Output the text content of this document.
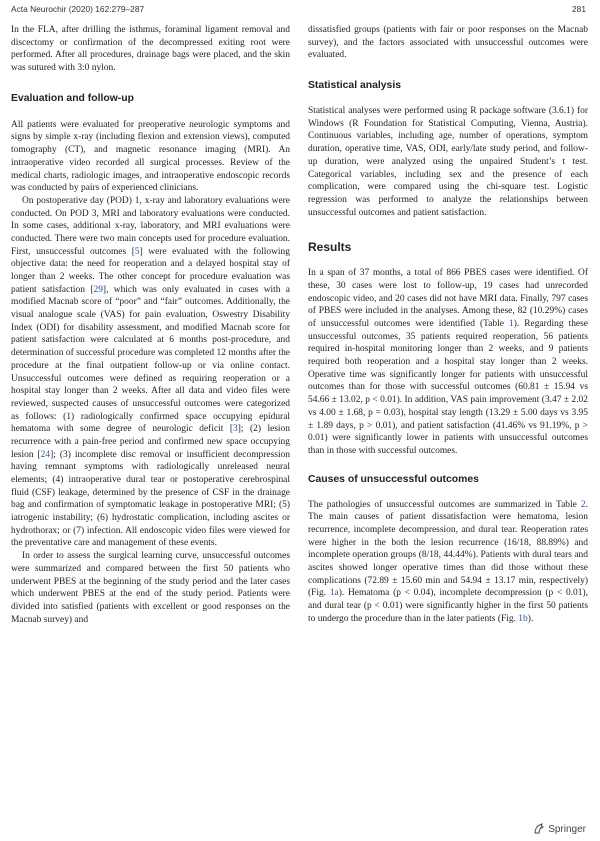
Acta Neurochir (2020) 162:279–287	281

In the FLA, after drilling the isthmus, foraminal ligament removal and discectomy or confirmation of the decompressed exiting root were performed. After all procedures, drainage bags were placed, and the skin was sutured with 3:0 nylon.

Evaluation and follow-up

All patients were evaluated for preoperative neurologic symptoms and signs by simple x-ray (including flexion and extension views), computed tomography (CT), and magnetic resonance imaging (MRI). An intraoperative video recorded all surgical processes. Review of the medical charts, radiologic images, and intraoperative endoscopic records was conducted by pairs of experienced clinicians.

On postoperative day (POD) 1, x-ray and laboratory evaluations were conducted. On POD 3, MRI and laboratory evaluations were conducted. In some cases, additional x-ray, laboratory, and MRI evaluations were conducted. There were two main concepts used for procedure evaluation. First, unsuccessful outcomes [5] were evaluated with the following objective data: the need for reoperation and a delayed hospital stay of longer than 2 weeks. The other concept for procedure evaluation was patient satisfaction [29], which was only evaluated in cases with a modified Macnab score of “poor” and “fair” outcomes. Additionally, the visual analogue scale (VAS) for pain evaluation, Oswestry Disability Index (ODI) for disability assessment, and modified Macnab score for patient satisfaction were calculated at 6 months post-procedure, and determination of successful procedure was completed 12 months after the procedure at the final outpatient follow-up or via online contact. Unsuccessful outcomes were defined as requiring reoperation or a hospital stay longer than 2 weeks. After all data and video files were reviewed, suspected causes of unsuccessful outcomes were categorized as follows: (1) radiologically confirmed space occupying epidural hematoma with some degree of neurologic deficit [3]; (2) lesion recurrence with a pain-free period and confirmed new space occupying lesion [24]; (3) incomplete disc removal or insufficient decompression having remnant symptoms with radiologically unreleased neural elements; (4) intraoperative dural tear or postoperative cerebrospinal fluid (CSF) leakage, determined by the presence of CSF in the drainage bag and confirmation of symptomatic leakage in postoperative MRI; (5) iatrogenic instability; (6) hydrostatic complication, including ascites or hydrothorax; or (7) infection. All endoscopic video files were viewed for the preventative care and management of these events.

In order to assess the surgical learning curve, unsuccessful outcomes were summarized and compared between the first 50 patients who underwent PBES at the beginning of the study period and the later cases which underwent PBES at the end of the study period. Patients were divided into satisfied (patients with excellent or good responses on the Macnab survey) and

dissatisfied groups (patients with fair or poor responses on the Macnab survey), and the factors associated with unsuccessful outcomes were evaluated.

Statistical analysis

Statistical analyses were performed using R package software (3.6.1) for Windows (R Foundation for Statistical Computing, Vienna, Austria). Continuous variables, including age, number of operations, symptom duration, operative time, VAS, ODI, early/late study period, and follow-up duration, were analyzed using the unpaired Student’s t test. Categorical variables, including sex and the presence of each complication, were compared using the chi-square test. Logistic regression was performed to analyze the relationships between unsuccessful outcomes and patient satisfaction.

Results

In a span of 37 months, a total of 866 PBES cases were identified. Of these, 30 cases were lost to follow-up, 19 cases had unrecorded endoscopic video, and 20 cases did not have MRI data. Finally, 797 cases of PBES were included in the analyses. Among these, 82 (10.29%) cases of unsuccessful outcomes were identified (Table 1). Regarding these unsuccessful outcomes, 35 patients required reoperation, 56 patients required in-hospital monitoring longer than 2 weeks, and 9 patients required both reoperation and a hospital stay longer than 2 weeks. Operative time was significantly longer for patients with unsuccessful outcomes than for those with successful outcomes (60.81 ± 15.94 vs 54.66 ± 13.02, p < 0.01). In addition, VAS pain improvement (3.47 ± 2.02 vs 4.00 ± 1.68, p = 0.03), hospital stay length (13.29 ± 5.00 days vs 3.95 ± 1.89 days, p > 0.01), and patient satisfaction (41.46% vs 91.19%, p > 0.01) were significantly lower in patients with unsuccessful outcomes than in those with successful outcomes.

Causes of unsuccessful outcomes

The pathologies of unsuccessful outcomes are summarized in Table 2. The main causes of patient dissatisfaction were hematoma, lesion recurrence, incomplete decompression, and dural tear. Reoperation rates were higher in the both the lesion recurrence (16/18, 88.89%) and incomplete operation groups (8/18, 44.44%). Patients with dural tears and ascites showed longer operative times than did those without these complications (72.89 ± 15.60 min and 54.94 ± 13.17 min, respectively) (Fig. 1a). Hematoma (p < 0.04), incomplete decompression (p < 0.01), and dural tear (p < 0.01) were significantly higher in the first 50 patients to undergo the procedure than in the later patients (Fig. 1b).

Springer
